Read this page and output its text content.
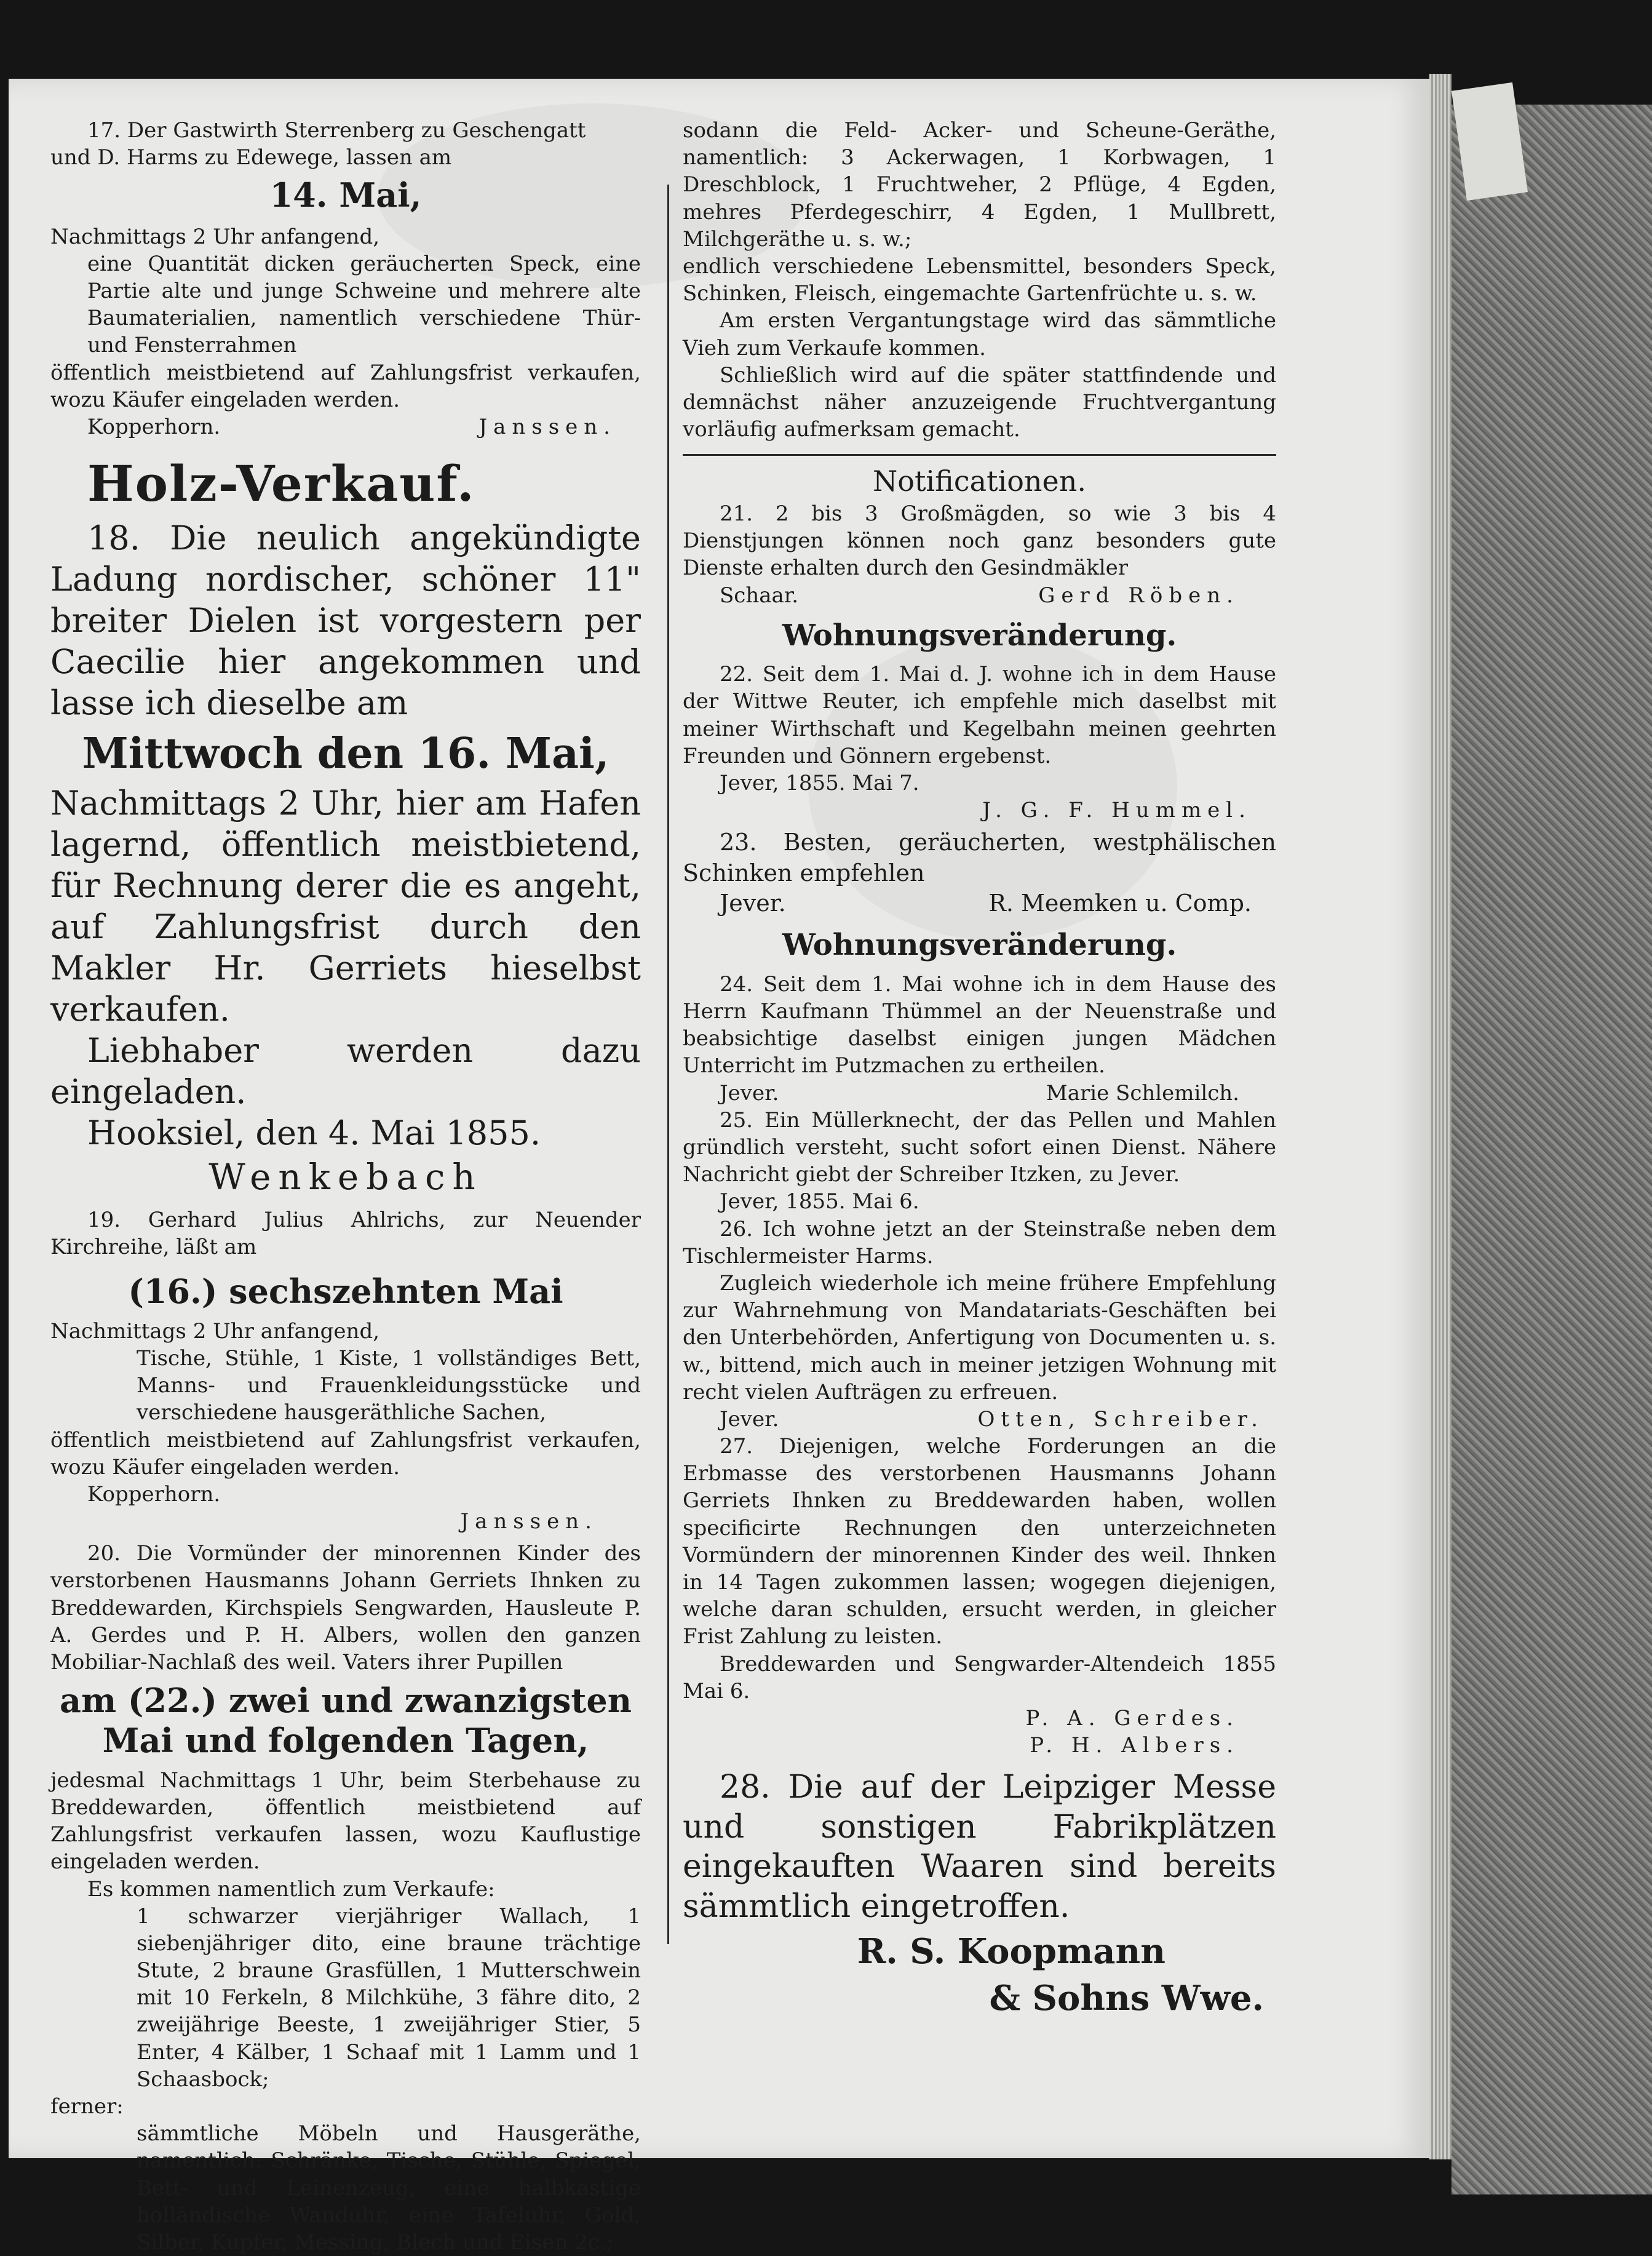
17. Der Gastwirth Sterrenberg zu Geschengatt

und D. Harms zu Edewege, lassen am

14. Mai,

Nachmittags 2 Uhr anfangend,

eine Quantität dicken geräucherten Speck, eine Partie alte und junge Schweine und mehrere alte Baumaterialien, namentlich verschiedene Thür- und Fensterrahmen

öffentlich meistbietend auf Zahlungsfrist verkaufen, wozu Käufer eingeladen werden.

Kopperhorn.	Janssen.

Holz-Verkauf.

18. Die neulich angekündigte Ladung nordischer, schöner 11" breiter Dielen ist vorgestern per Caecilie hier angekommen und lasse ich dieselbe am

Mittwoch den 16. Mai,

Nachmittags 2 Uhr, hier am Hafen lagernd, öffentlich meistbietend, für Rechnung derer die es angeht, auf Zahlungsfrist durch den Makler Hr. Gerriets hieselbst verkaufen.

Liebhaber werden dazu eingeladen.

Hooksiel, den 4. Mai 1855.

Wenkebach

19. Gerhard Julius Ahlrichs, zur Neuender Kirchreihe, läßt am

(16.) sechszehnten Mai

Nachmittags 2 Uhr anfangend,

Tische, Stühle, 1 Kiste, 1 vollständiges Bett, Manns- und Frauenkleidungsstücke und verschiedene hausgeräthliche Sachen,

öffentlich meistbietend auf Zahlungsfrist verkaufen, wozu Käufer eingeladen werden.

Kopperhorn.

Janssen.

20. Die Vormünder der minorennen Kinder des verstorbenen Hausmanns Johann Gerriets Ihnken zu Breddewarden, Kirchspiels Sengwarden, Hausleute P. A. Gerdes und P. H. Albers, wollen den ganzen Mobiliar-Nachlaß des weil. Vaters ihrer Pupillen

am (22.) zwei und zwanzigsten Mai und folgenden Tagen,

jedesmal Nachmittags 1 Uhr, beim Sterbehause zu Breddewarden, öffentlich meistbietend auf Zahlungsfrist verkaufen lassen, wozu Kauflustige eingeladen werden.

Es kommen namentlich zum Verkaufe:

1 schwarzer vierjähriger Wallach, 1 siebenjähriger dito, eine braune trächtige Stute, 2 braune Grasfüllen, 1 Mutterschwein mit 10 Ferkeln, 8 Milchkühe, 3 fähre dito, 2 zweijährige Beeste, 1 zweijähriger Stier, 5 Enter, 4 Kälber, 1 Schaaf mit 1 Lamm und 1 Schaasbock;

ferner:

sämmtliche Möbeln und Hausgeräthe, namentlich: Schränke, Tische, Stühle, Spiegel, Bett- und Leinenzeug, eine halbkastige holländische Wanduhr, eine Tafeluhr, Gold, Silber, Kupfer, Messing, Blech und Eisen 2c.;

sodann die Feld- Acker- und Scheune-Geräthe, namentlich: 3 Ackerwagen, 1 Korbwagen, 1 Dreschblock, 1 Fruchtweher, 2 Pflüge, 4 Egden, mehres Pferdegeschirr, 4 Egden, 1 Mullbrett, Milchgeräthe u. s. w.;

endlich verschiedene Lebensmittel, besonders Speck, Schinken, Fleisch, eingemachte Gartenfrüchte u. s. w.

Am ersten Vergantungstage wird das sämmtliche Vieh zum Verkaufe kommen.

Schließlich wird auf die später stattfindende und demnächst näher anzuzeigende Fruchtvergantung vorläufig aufmerksam gemacht.

Notificationen.

21. 2 bis 3 Großmägden, so wie 3 bis 4 Dienstjungen können noch ganz besonders gute Dienste erhalten durch den Gesindmäkler

Schaar.	Gerd Röben.

Wohnungsveränderung.

22. Seit dem 1. Mai d. J. wohne ich in dem Hause der Wittwe Reuter, ich empfehle mich daselbst mit meiner Wirthschaft und Kegelbahn meinen geehrten Freunden und Gönnern ergebenst.

Jever, 1855. Mai 7.

J. G. F. Hummel.

23. Besten, geräucherten, westphälischen Schinken empfehlen

Jever.	R. Meemken u. Comp.

Wohnungsveränderung.

24. Seit dem 1. Mai wohne ich in dem Hause des Herrn Kaufmann Thümmel an der Neuenstraße und beabsichtige daselbst einigen jungen Mädchen Unterricht im Putzmachen zu ertheilen.

Jever.	Marie Schlemilch.

25. Ein Müllerknecht, der das Pellen und Mahlen gründlich versteht, sucht sofort einen Dienst. Nähere Nachricht giebt der Schreiber Itzken, zu Jever.

Jever, 1855. Mai 6.

26. Ich wohne jetzt an der Steinstraße neben dem Tischlermeister Harms.

Zugleich wiederhole ich meine frühere Empfehlung zur Wahrnehmung von Mandatariats-Geschäften bei den Unterbehörden, Anfertigung von Documenten u. s. w., bittend, mich auch in meiner jetzigen Wohnung mit recht vielen Aufträgen zu erfreuen.

Jever.	Otten, Schreiber.

27. Diejenigen, welche Forderungen an die Erbmasse des verstorbenen Hausmanns Johann Gerriets Ihnken zu Breddewarden haben, wollen specificirte Rechnungen den unterzeichneten Vormündern der minorennen Kinder des weil. Ihnken in 14 Tagen zukommen lassen; wogegen diejenigen, welche daran schulden, ersucht werden, in gleicher Frist Zahlung zu leisten.

Breddewarden und Sengwarder-Altendeich 1855 Mai 6.

P. A. Gerdes.

P. H. Albers.

28. Die auf der Leipziger Messe und sonstigen Fabrikplätzen eingekauften Waaren sind bereits sämmtlich eingetroffen.

R. S. Koopmann

& Sohns Wwe.
